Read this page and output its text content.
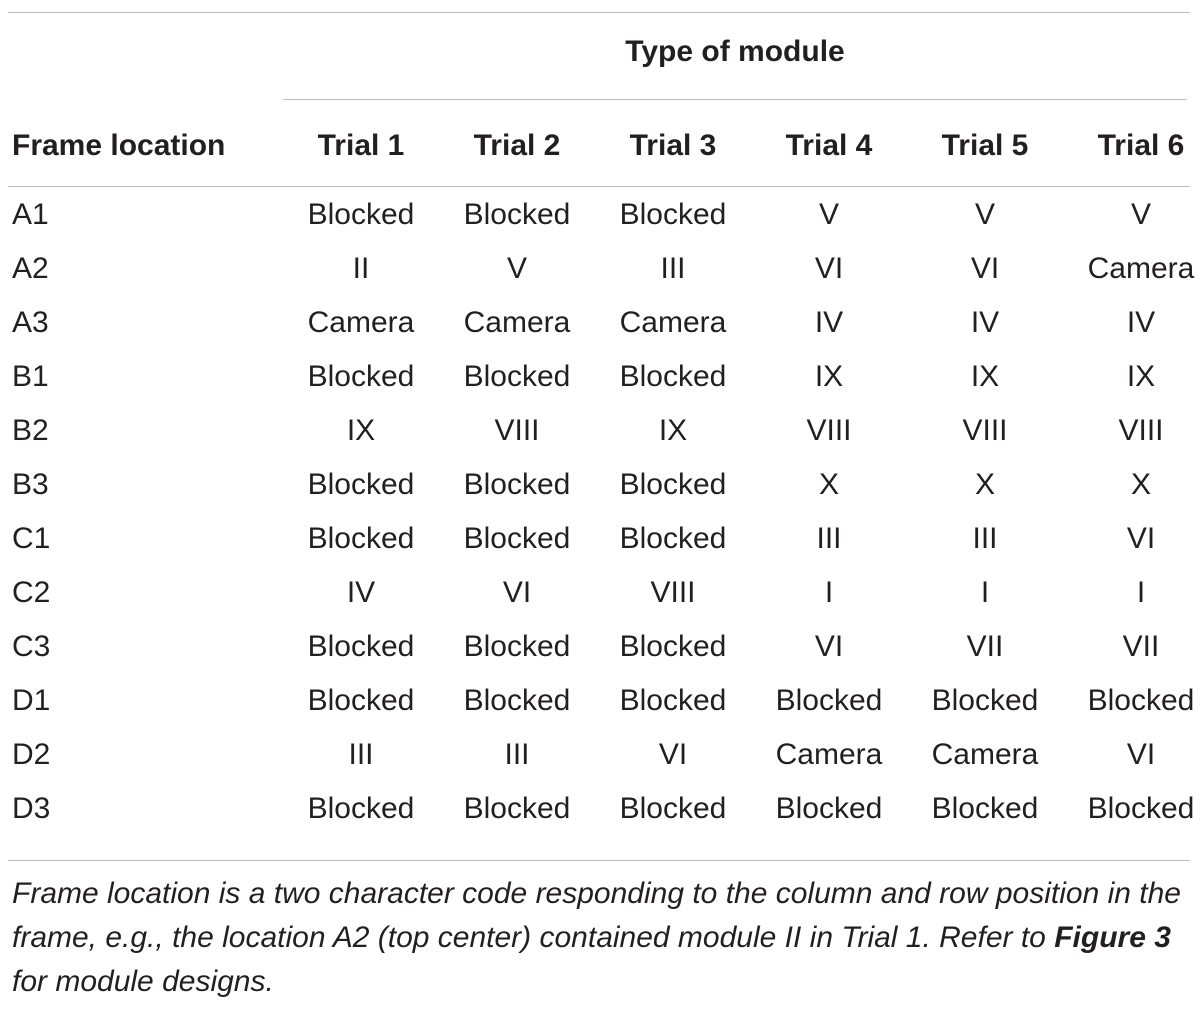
Type of module
Frame location	Trial 1	Trial 2	Trial 3	Trial 4	Trial 5	Trial 6
A1	Blocked	Blocked	Blocked	V	V	V
A2	II	V	III	VI	VI	Camera
A3	Camera	Camera	Camera	IV	IV	IV
B1	Blocked	Blocked	Blocked	IX	IX	IX
B2	IX	VIII	IX	VIII	VIII	VIII
B3	Blocked	Blocked	Blocked	X	X	X
C1	Blocked	Blocked	Blocked	III	III	VI
C2	IV	VI	VIII	I	I	I
C3	Blocked	Blocked	Blocked	VI	VII	VII
D1	Blocked	Blocked	Blocked	Blocked	Blocked	Blocked
D2	III	III	VI	Camera	Camera	VI
D3	Blocked	Blocked	Blocked	Blocked	Blocked	Blocked
Frame location is a two character code responding to the column and row position in the frame, e.g., the location A2 (top center) contained module II in Trial 1. Refer to Figure 3 for module designs.
